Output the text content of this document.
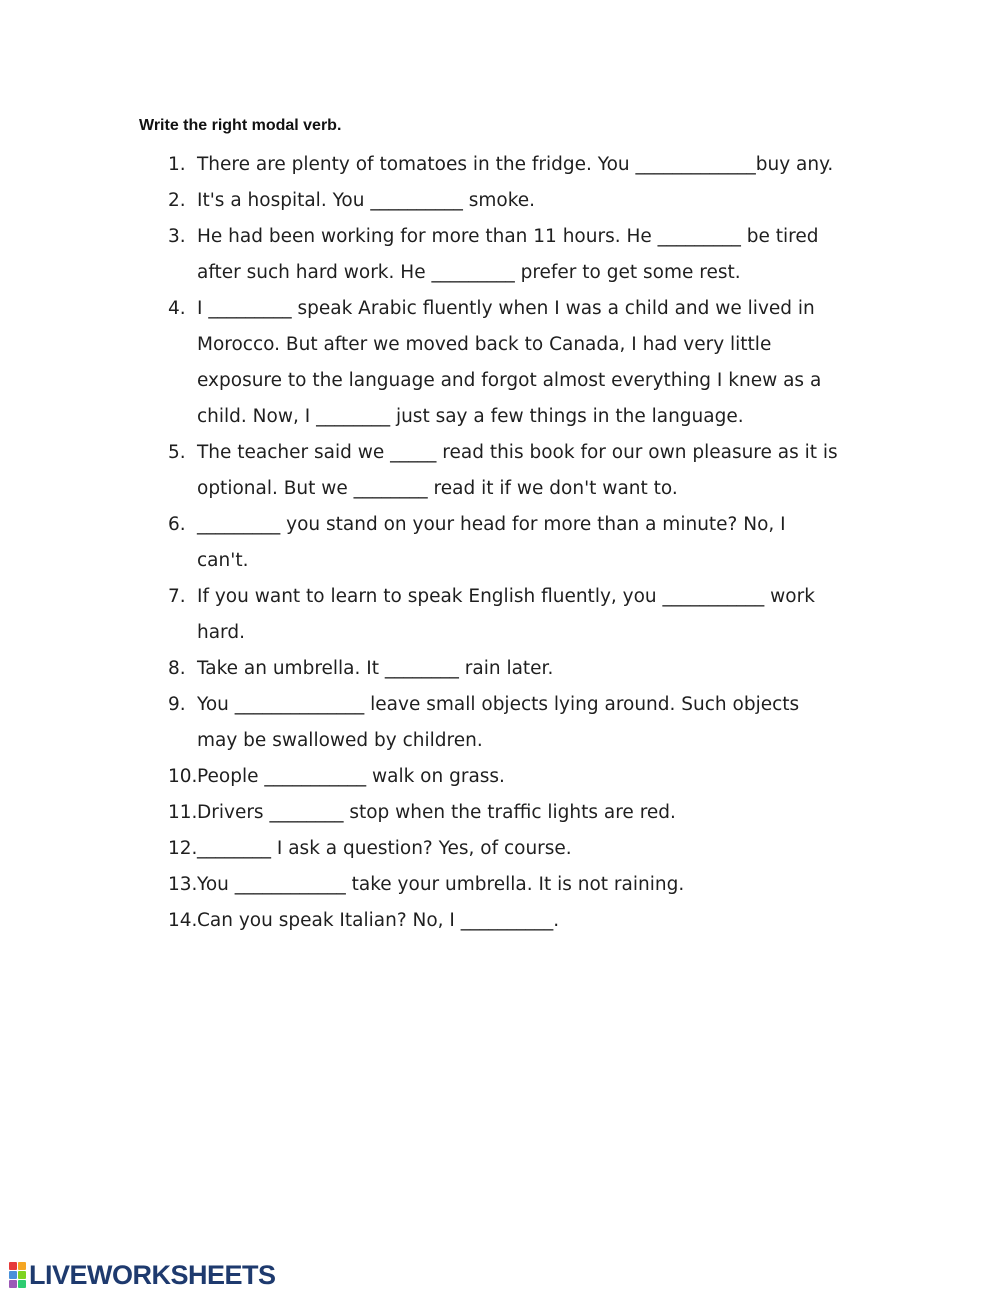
Write the right modal verb.
1. There are plenty of tomatoes in the fridge. You _____________buy any.
2. It's a hospital. You __________ smoke.
3. He had been working for more than 11 hours. He _________ be tired
after such hard work. He _________ prefer to get some rest.
4. I _________ speak Arabic fluently when I was a child and we lived in
Morocco. But after we moved back to Canada, I had very little
exposure to the language and forgot almost everything I knew as a
child. Now, I ________ just say a few things in the language.
5. The teacher said we _____ read this book for our own pleasure as it is
optional. But we ________ read it if we don't want to.
6. _________ you stand on your head for more than a minute? No, I
can't.
7. If you want to learn to speak English fluently, you ___________ work
hard.
8. Take an umbrella. It ________ rain later.
9. You ______________ leave small objects lying around. Such objects
may be swallowed by children.
10. People ___________ walk on grass.
11. Drivers ________ stop when the traffic lights are red.
12. ________ I ask a question? Yes, of course.
13. You ____________ take your umbrella. It is not raining.
14. Can you speak Italian? No, I __________.
LIVEWORKSHEETS
